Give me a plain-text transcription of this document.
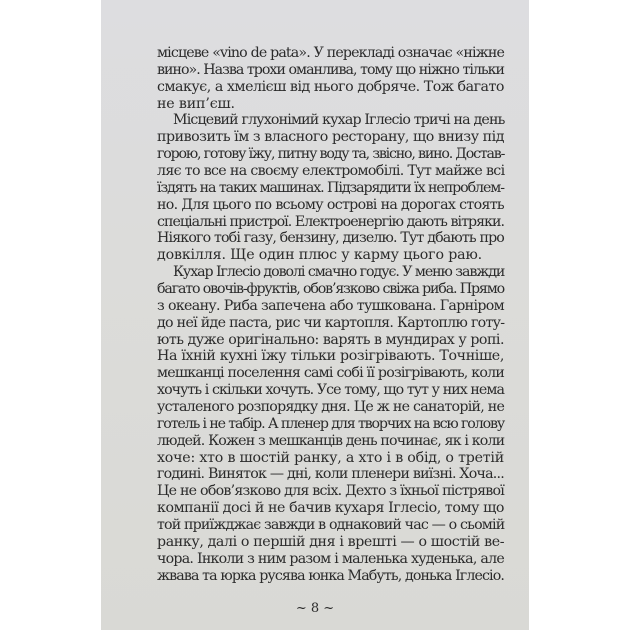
місцеве «vino de pata». У перекладі означає «ніжне
вино». Назва трохи оманлива, тому що ніжно тільки
смакує, а хмелієш від нього добряче. Тож багато
не вип’єш.
Місцевий глухонімий кухар Іглесіо тричі на день
привозить їм з власного ресторану, що внизу під
горою, готову їжу, питну воду та, звісно, вино. Достав-
ляє то все на своєму електромобілі. Тут майже всі
їздять на таких машинах. Підзарядити їх непроблем-
но. Для цього по всьому острові на дорогах стоять
спеціальні пристрої. Електроенергію дають вітряки.
Ніякого тобі газу, бензину, дизелю. Тут дбають про
довкілля. Ще один плюс у карму цього раю.
Кухар Іглесіо доволі смачно годує. У меню завжди
багато овочів-фруктів, обов’язково свіжа риба. Прямо
з океану. Риба запечена або тушкована. Гарніром
до неї йде паста, рис чи картопля. Картоплю готу-
ють дуже оригінально: варять в мундирах у ропі.
На їхній кухні їжу тільки розігрівають. Точніше,
мешканці поселення самі собі її розігрівають, коли
хочуть і скільки хочуть. Усе тому, що тут у них нема
усталеного розпорядку дня. Це ж не санаторій, не
готель і не табір. А пленер для творчих на всю голову
людей. Кожен з мешканців день починає, як і коли
хоче: хто в шостій ранку, а хто і в обід, о третій
годині. Виняток — дні, коли пленери виїзні. Хоча...
Це не обов’язково для всіх. Дехто з їхньої пістрявої
компанії досі й не бачив кухаря Іглесіо, тому що
той приїжджає завжди в однаковий час — о сьомій
ранку, далі о першій дня і врешті — о шостій ве-
чора. Інколи з ним разом і маленька худенька, але
жвава та юрка русява юнка Мабуть, донька Іглесіо.
~ 8 ~
